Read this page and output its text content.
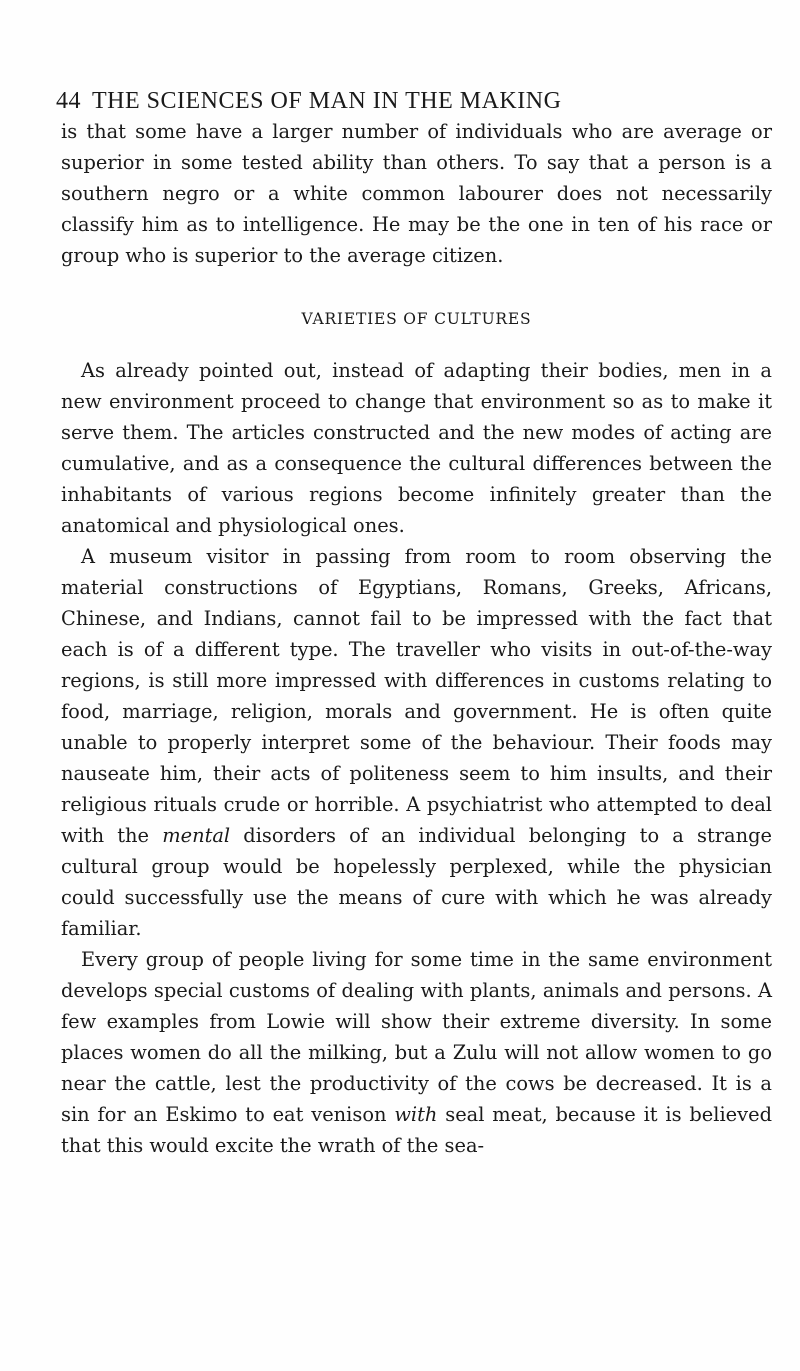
44 THE SCIENCES OF MAN IN THE MAKING

is that some have a larger number of individuals who are average or superior in some tested ability than others. To say that a person is a southern negro or a white common labourer does not necessarily classify him as to intelligence. He may be the one in ten of his race or group who is superior to the average citizen.

VARIETIES OF CULTURES

As already pointed out, instead of adapting their bodies, men in a new environment proceed to change that environment so as to make it serve them. The articles constructed and the new modes of acting are cumulative, and as a consequence the cultural differences between the inhabitants of various regions become infinitely greater than the anatomical and physiological ones.

A museum visitor in passing from room to room observing the material constructions of Egyptians, Romans, Greeks, Africans, Chinese, and Indians, cannot fail to be impressed with the fact that each is of a different type. The traveller who visits in out-of-the-way regions, is still more impressed with differences in customs relating to food, marriage, religion, morals and government. He is often quite unable to properly interpret some of the behaviour. Their foods may nauseate him, their acts of politeness seem to him insults, and their religious rituals crude or horrible. A psychiatrist who attempted to deal with the mental disorders of an individual belonging to a strange cultural group would be hopelessly perplexed, while the physician could successfully use the means of cure with which he was already familiar.

Every group of people living for some time in the same environment develops special customs of dealing with plants, animals and persons. A few examples from Lowie will show their extreme diversity. In some places women do all the milking, but a Zulu will not allow women to go near the cattle, lest the productivity of the cows be decreased. It is a sin for an Eskimo to eat venison with seal meat, because it is believed that this would excite the wrath of the sea-
